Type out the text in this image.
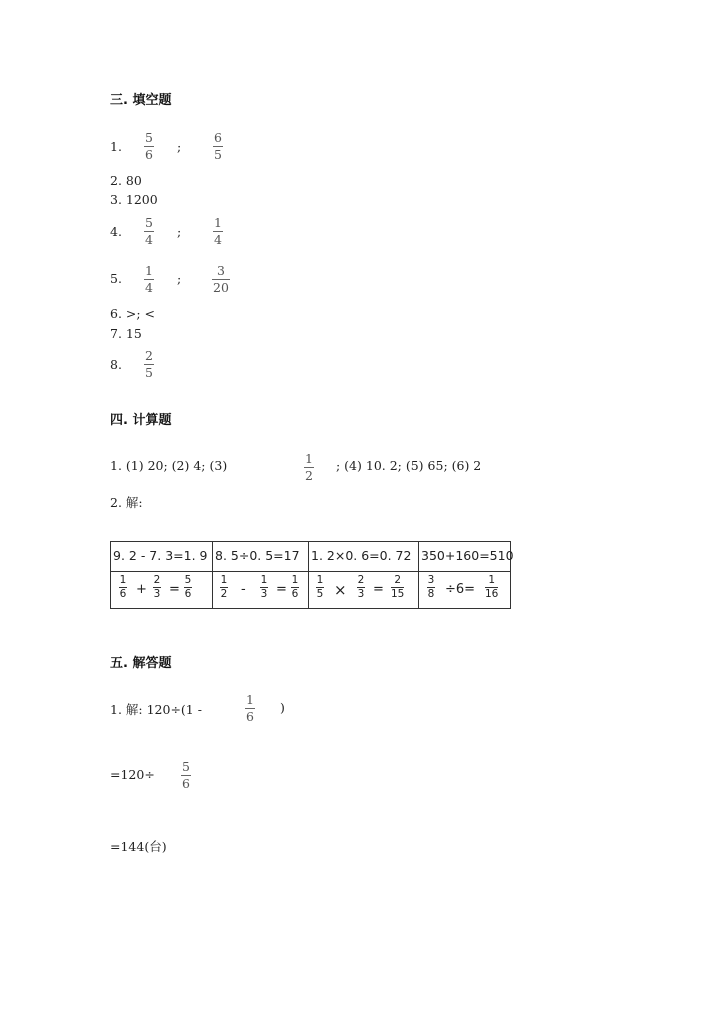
三. 填空题
1.
5
6
;
6
5
2. 80
3. 1200
4.
5
4
;
1
4
5.
1
4
;
3
20
6. >; <
7. 15
8.
2
5
四. 计算题
1. (1) 20; (2) 4; (3)	1
2
; (4) 10. 2; (5) 65; (6) 2
2. 解:
9. 2 - 7. 3=1. 9 8. 5÷0. 5=17 1. 2×0. 6=0. 72 350+160=510
1
6 +
2
3 =
5
6
1
2 -
1
3 =
1
6
1
5 ×
2
3 =
2
15
3
8 ÷6=
1
16
五. 解答题
1. 解: 120÷(1 -
1
6
)
=120÷
5
6
=144(台)
